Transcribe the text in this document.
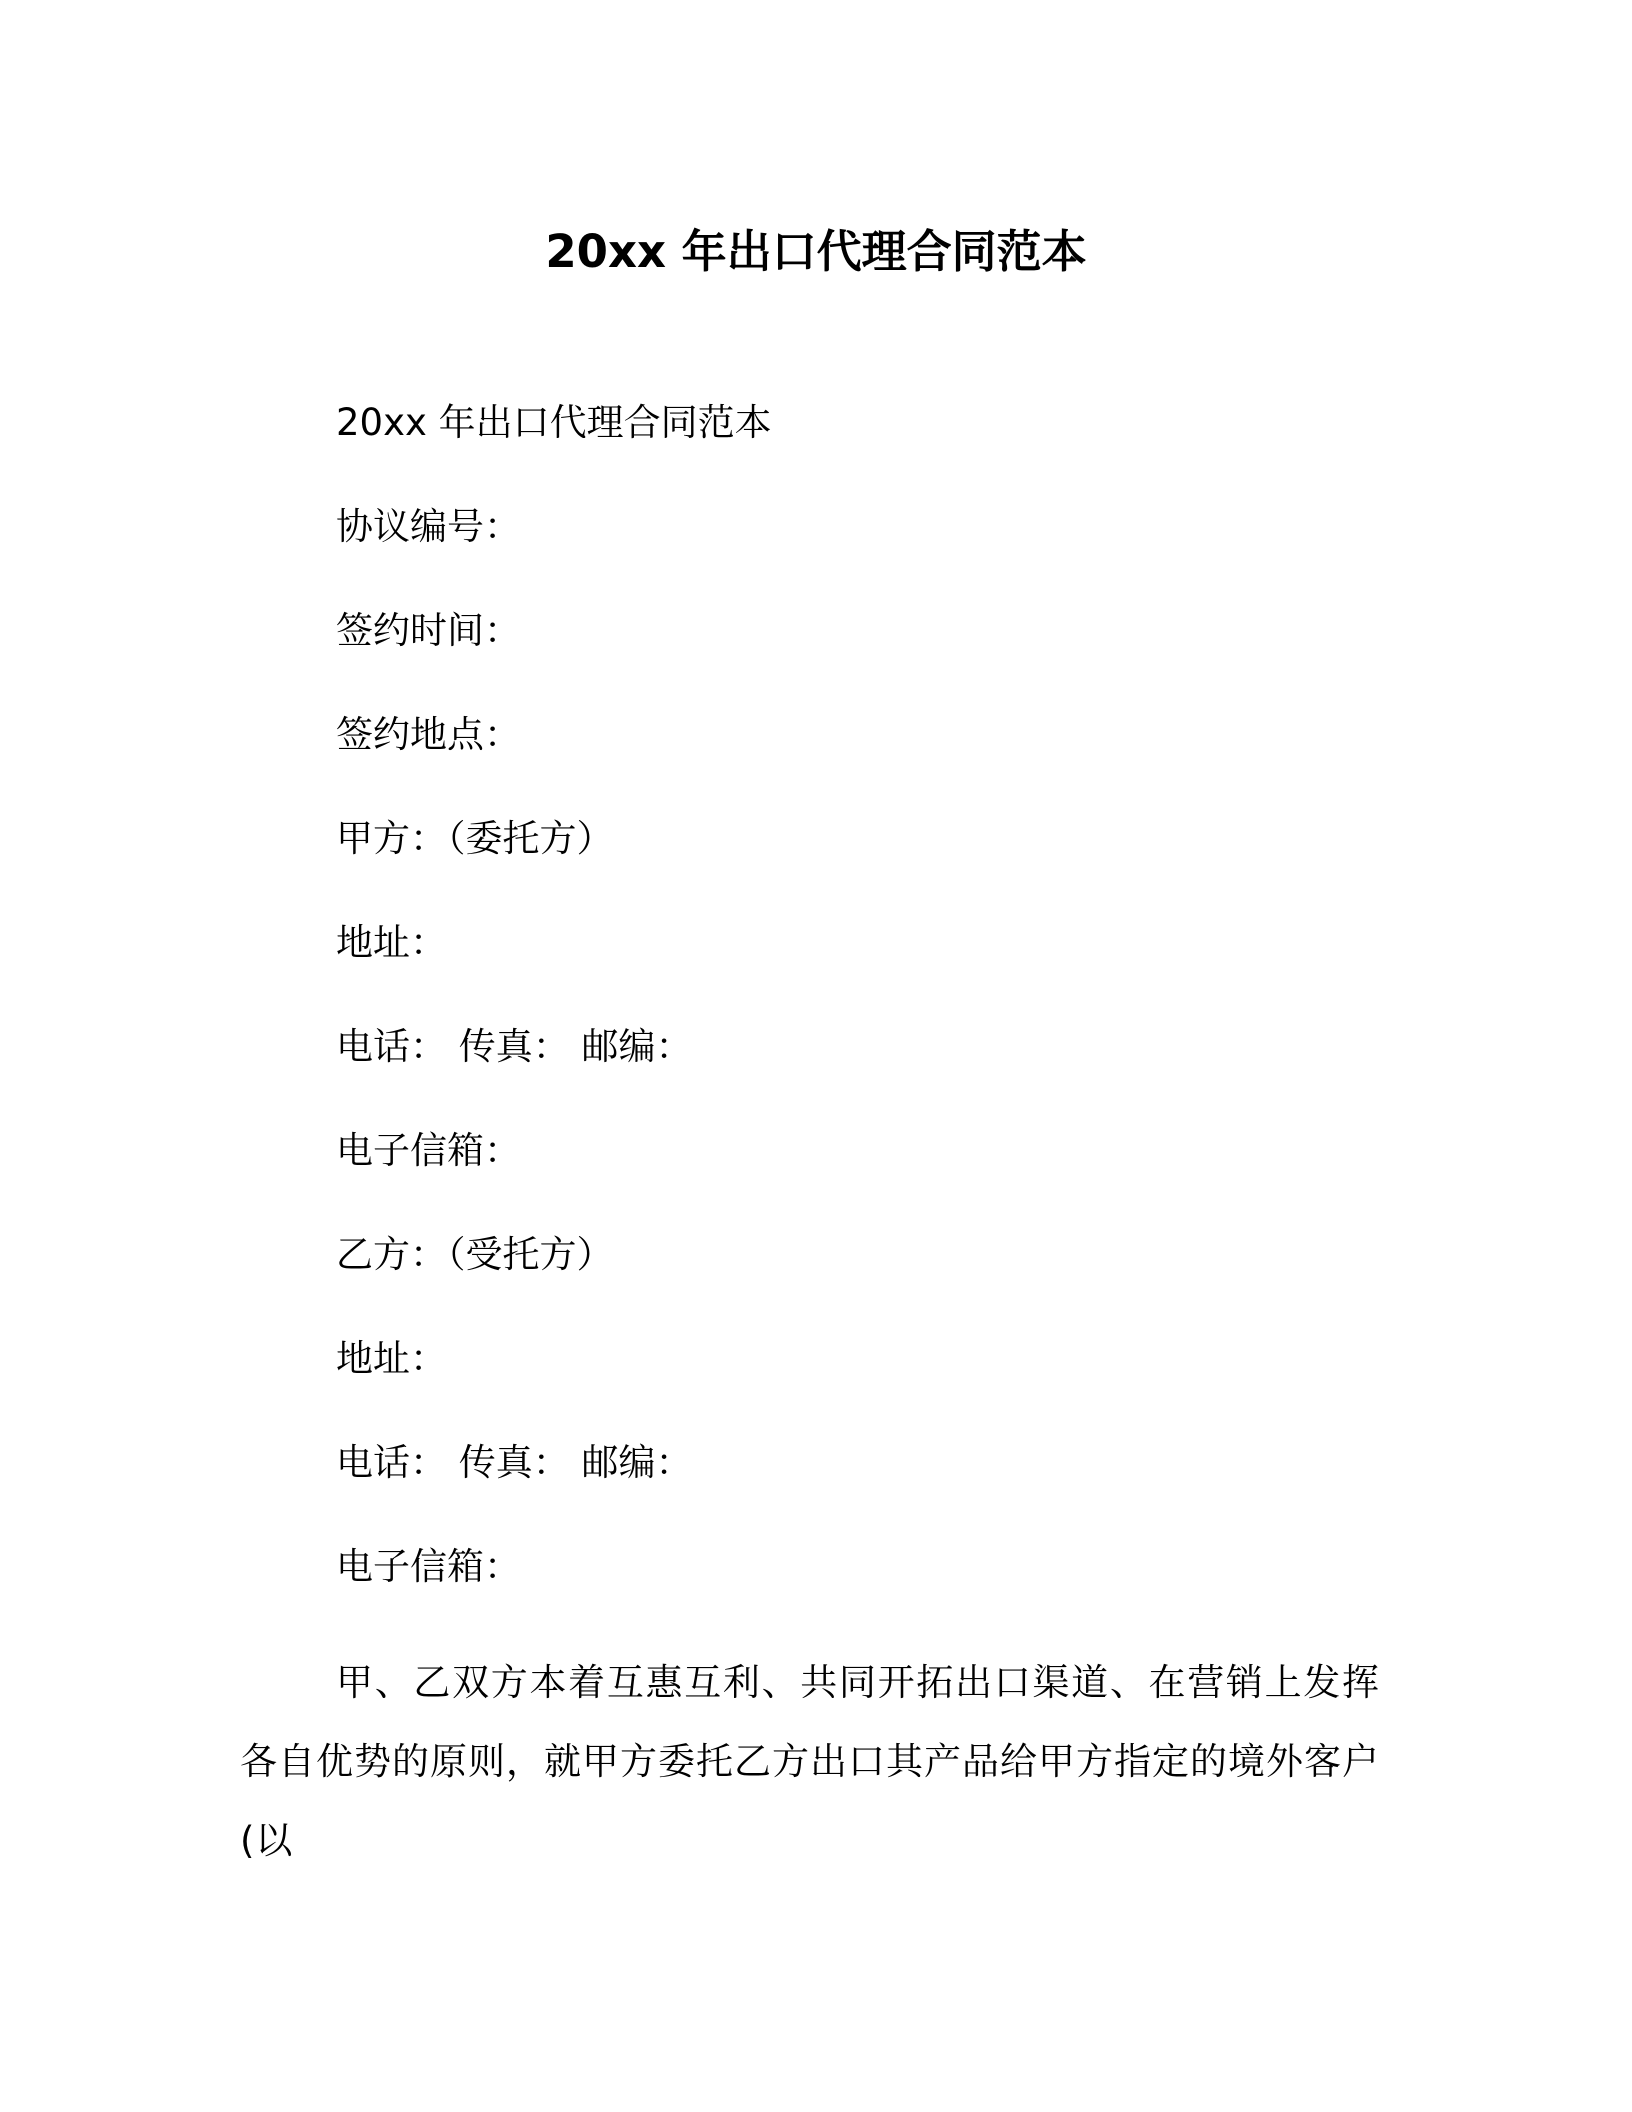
20xx 年出口代理合同范本
20xx 年出口代理合同范本
协议编号：
签约时间：
签约地点：
甲方：（委托方）
地址：
电话： 传真： 邮编：
电子信箱：
乙方：（受托方）
地址：
电话： 传真： 邮编：
电子信箱：
甲、乙双方本着互惠互利、共同开拓出口渠道、在营销上发挥各自优势的原则，就甲方委托乙方出口其产品给甲方指定的境外客户(以
